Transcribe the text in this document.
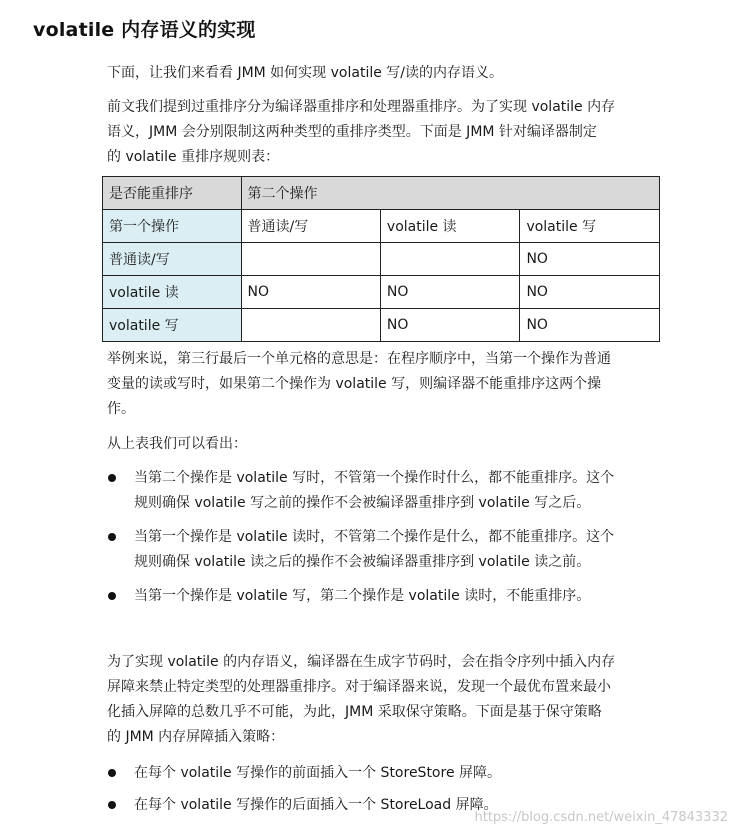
volatile 内存语义的实现

下面，让我们来看看 JMM 如何实现 volatile 写/读的内存语义。

前文我们提到过重排序分为编译器重排序和处理器重排序。为了实现 volatile 内存

语义，JMM 会分别限制这两种类型的重排序类型。下面是 JMM 针对编译器制定

的 volatile 重排序规则表：

是否能重排序	第二个操作		
第一个操作	普通读/写	volatile 读	volatile 写
普通读/写			NO
volatile 读	NO	NO	NO
volatile 写		NO	NO

举例来说，第三行最后一个单元格的意思是：在程序顺序中，当第一个操作为普通

变量的读或写时，如果第二个操作为 volatile 写，则编译器不能重排序这两个操

作。

从上表我们可以看出：

当第二个操作是 volatile 写时，不管第一个操作时什么，都不能重排序。这个
规则确保 volatile 写之前的操作不会被编译器重排序到 volatile 写之后。
当第一个操作是 volatile 读时，不管第二个操作是什么，都不能重排序。这个
规则确保 volatile 读之后的操作不会被编译器重排序到 volatile 读之前。
当第一个操作是 volatile 写，第二个操作是 volatile 读时，不能重排序。

为了实现 volatile 的内存语义，编译器在生成字节码时，会在指令序列中插入内存

屏障来禁止特定类型的处理器重排序。对于编译器来说，发现一个最优布置来最小

化插入屏障的总数几乎不可能，为此，JMM 采取保守策略。下面是基于保守策略

的 JMM 内存屏障插入策略：

在每个 volatile 写操作的前面插入一个 StoreStore 屏障。
在每个 volatile 写操作的后面插入一个 StoreLoad 屏障。
https://blog.csdn.net/weixin_47843332
